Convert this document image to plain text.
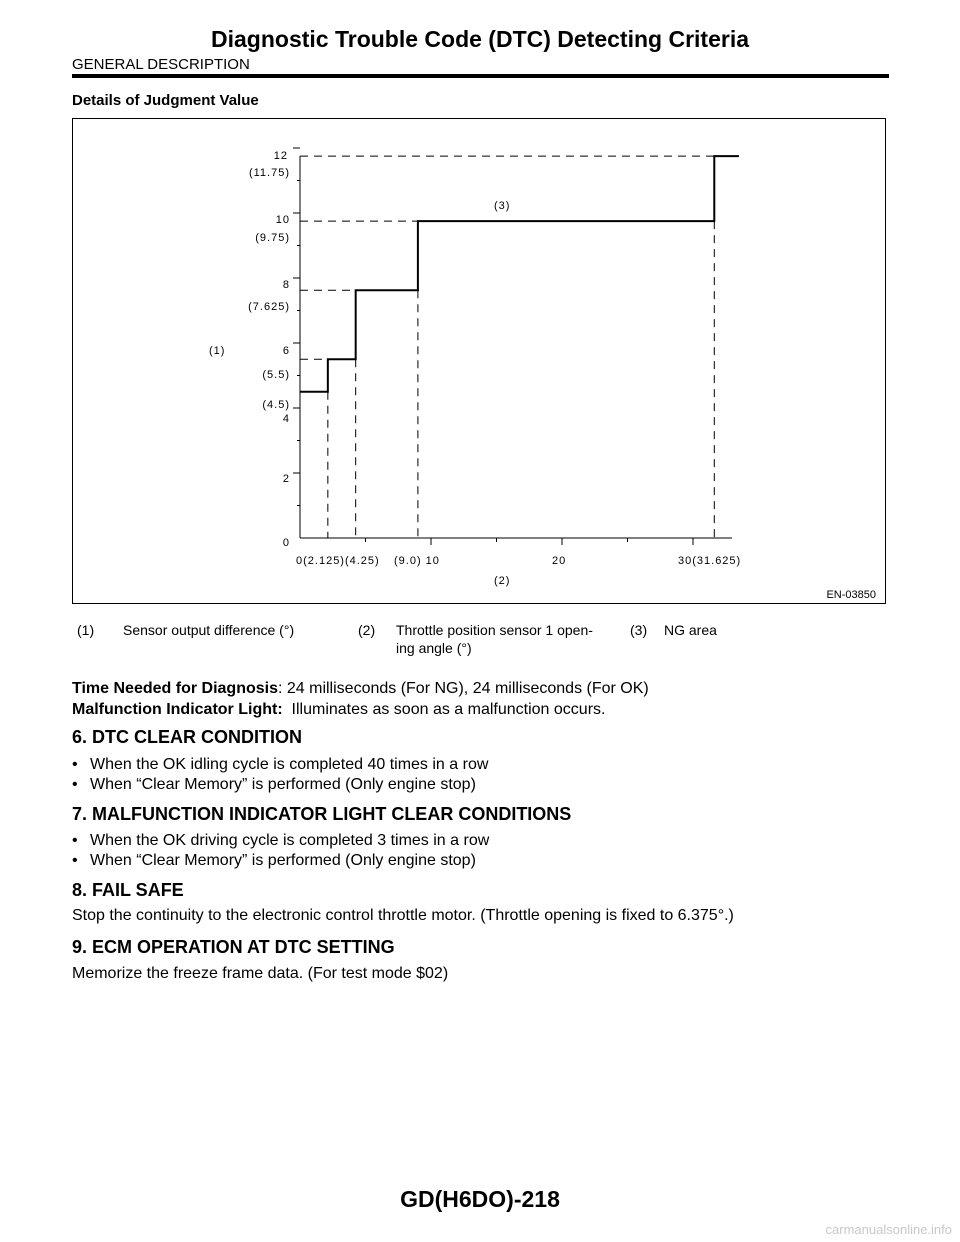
Diagnostic Trouble Code (DTC) Detecting Criteria
GENERAL DESCRIPTION
Details of Judgment Value
0
2
4
6
8
10
12
(4.5)
(5.5)
(7.625)
(9.75)
(11.75)
0(2.125)(4.25) (9.0) 10	20	30(31.625)
(1)
(2)
(3)
EN-03850
(1) Sensor output difference (°)	(2) Throttle position sensor 1 open-
ing angle (°)
(3) NG area
Time Needed for Diagnosis: 24 milliseconds (For NG), 24 milliseconds (For OK)
Malfunction Indicator Light: Illuminates as soon as a malfunction occurs.
6. DTC CLEAR CONDITION
• When the OK idling cycle is completed 40 times in a row
• When “Clear Memory” is performed (Only engine stop)
7. MALFUNCTION INDICATOR LIGHT CLEAR CONDITIONS
• When the OK driving cycle is completed 3 times in a row
• When “Clear Memory” is performed (Only engine stop)
8. FAIL SAFE
Stop the continuity to the electronic control throttle motor. (Throttle opening is fixed to 6.375°.)
9. ECM OPERATION AT DTC SETTING
Memorize the freeze frame data. (For test mode $02)
GD(H6DO)-218
carmanualsonline.info
